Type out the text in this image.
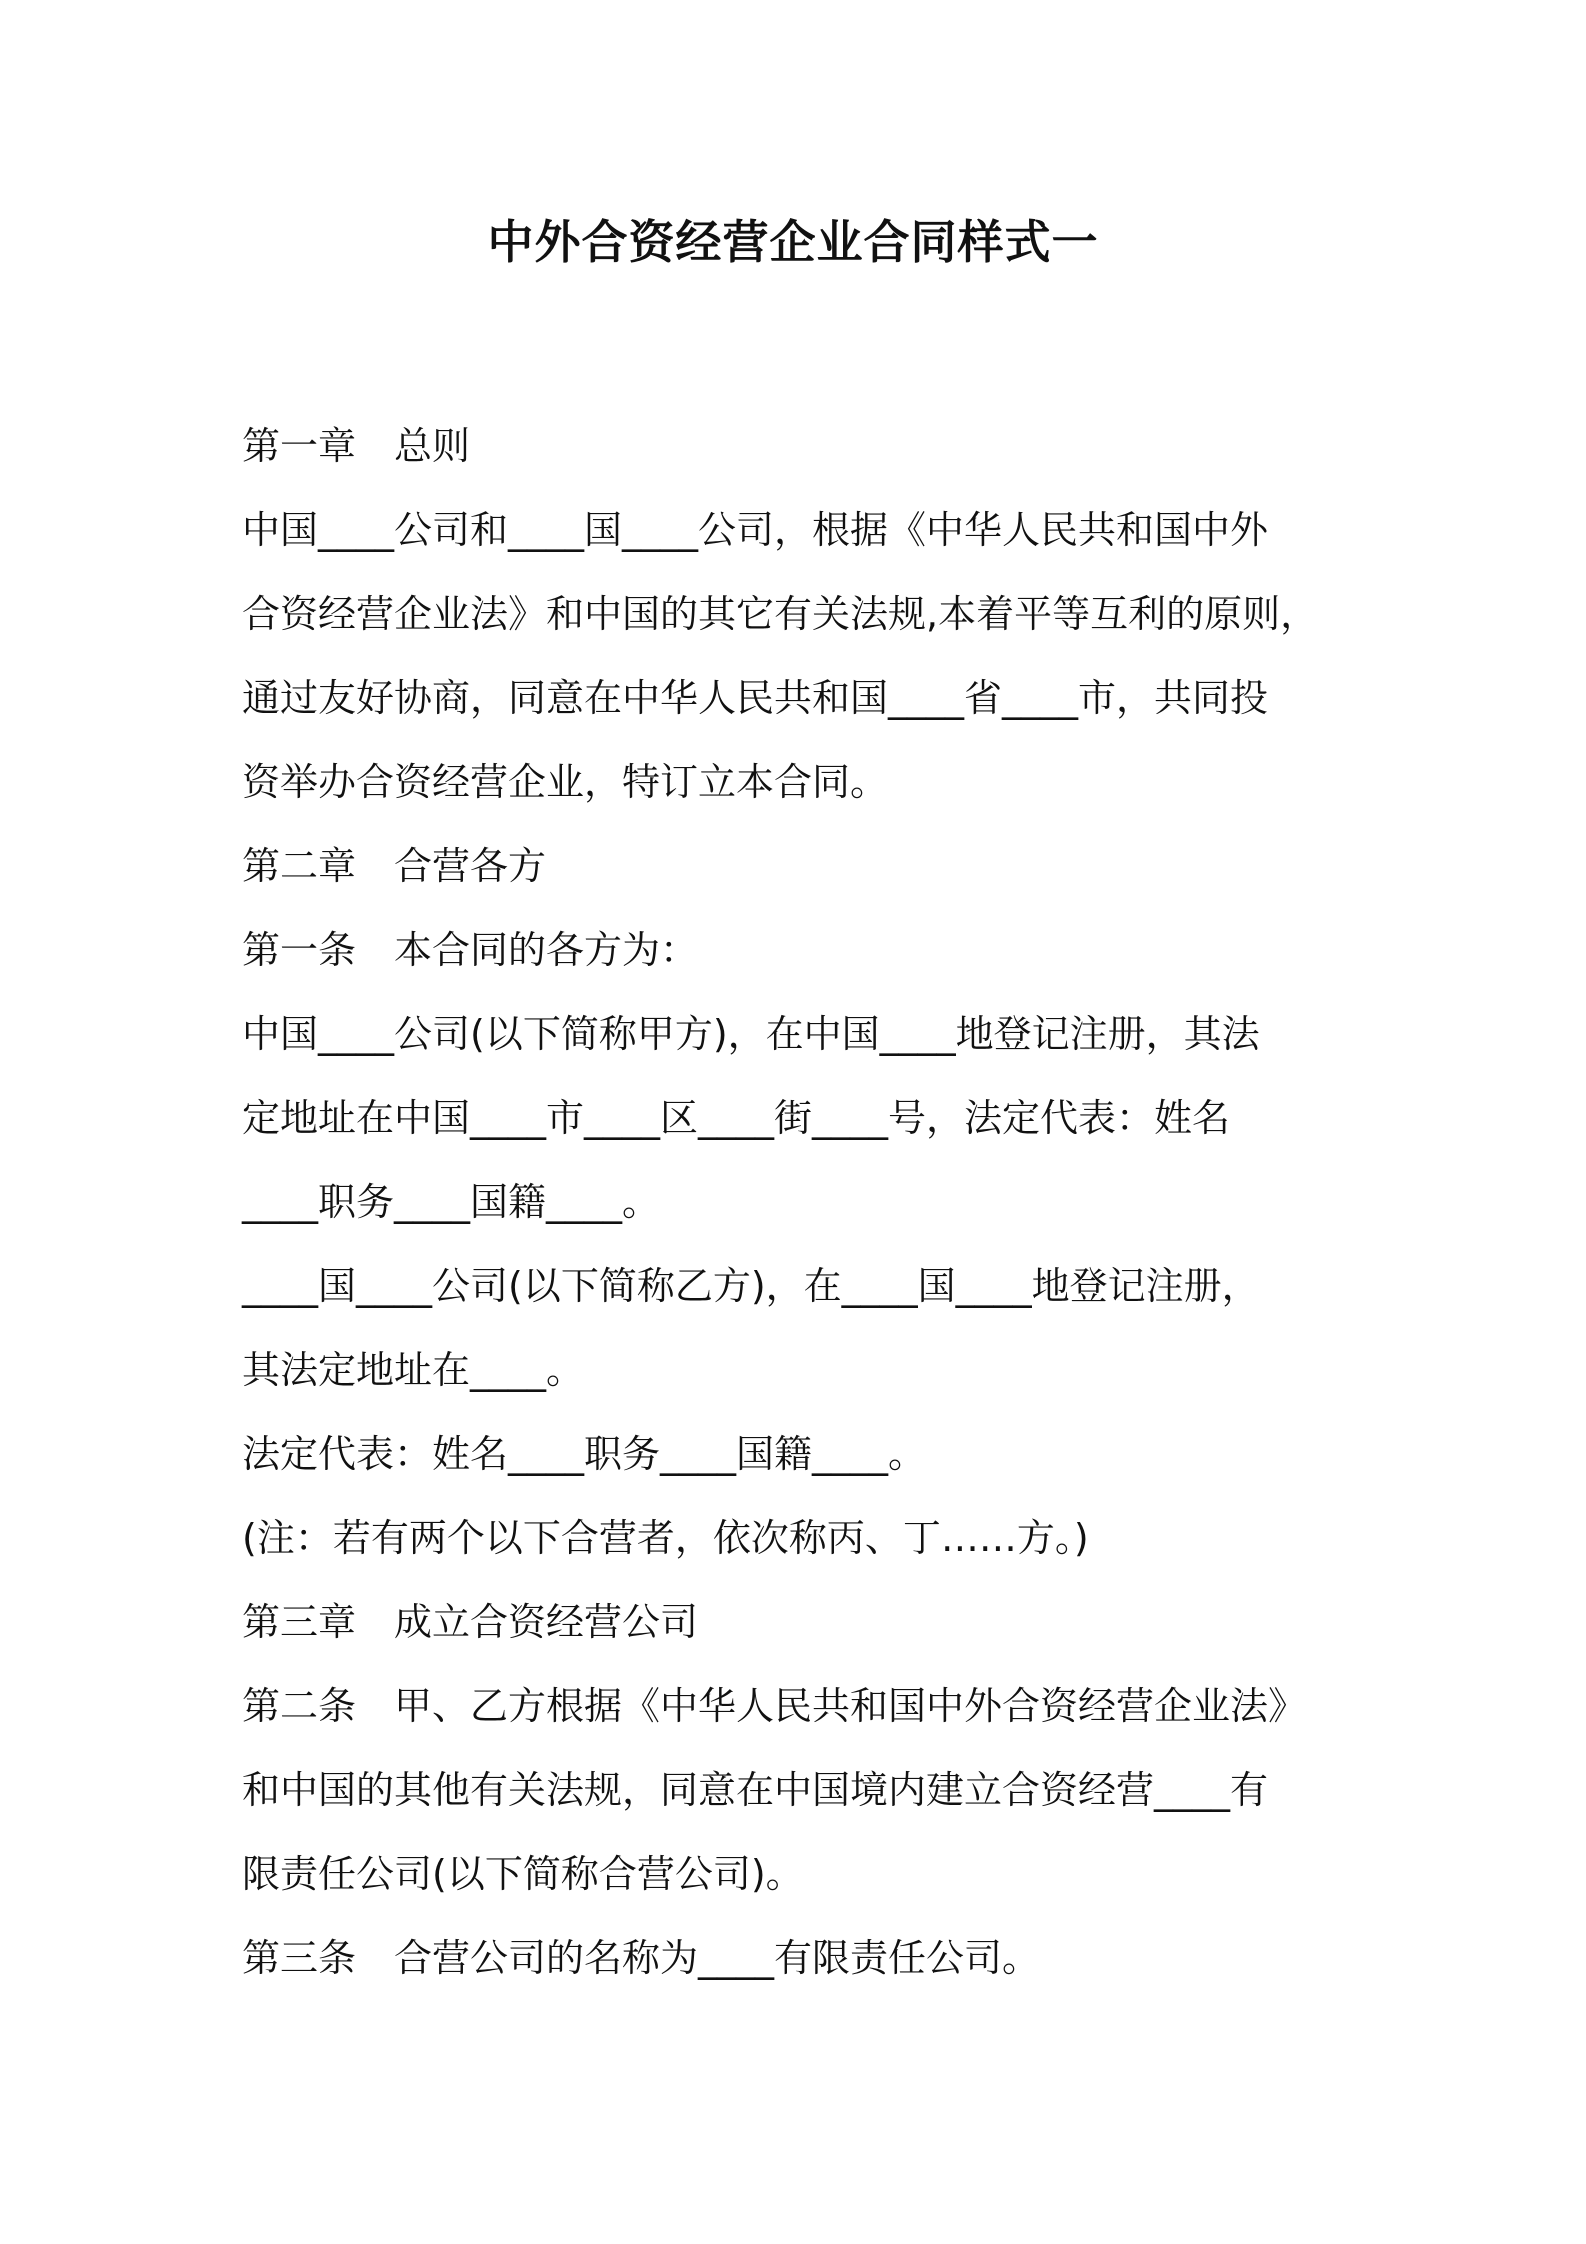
中外合资经营企业合同样式一

第一章　总则

中国____公司和____国____公司，根据《中华人民共和国中外

合资经营企业法》和中国的其它有关法规,本着平等互利的原则，

通过友好协商，同意在中华人民共和国____省____市，共同投

资举办合资经营企业，特订立本合同。

第二章　合营各方

第一条　本合同的各方为：

中国____公司(以下简称甲方)，在中国____地登记注册，其法

定地址在中国____市____区____街____号，法定代表：姓名

____职务____国籍____。

____国____公司(以下简称乙方)，在____国____地登记注册，

其法定地址在____。

法定代表：姓名____职务____国籍____。

(注：若有两个以下合营者，依次称丙、丁……方。)

第三章　成立合资经营公司

第二条　甲、乙方根据《中华人民共和国中外合资经营企业法》

和中国的其他有关法规，同意在中国境内建立合资经营____有

限责任公司(以下简称合营公司)。

第三条　合营公司的名称为____有限责任公司。
